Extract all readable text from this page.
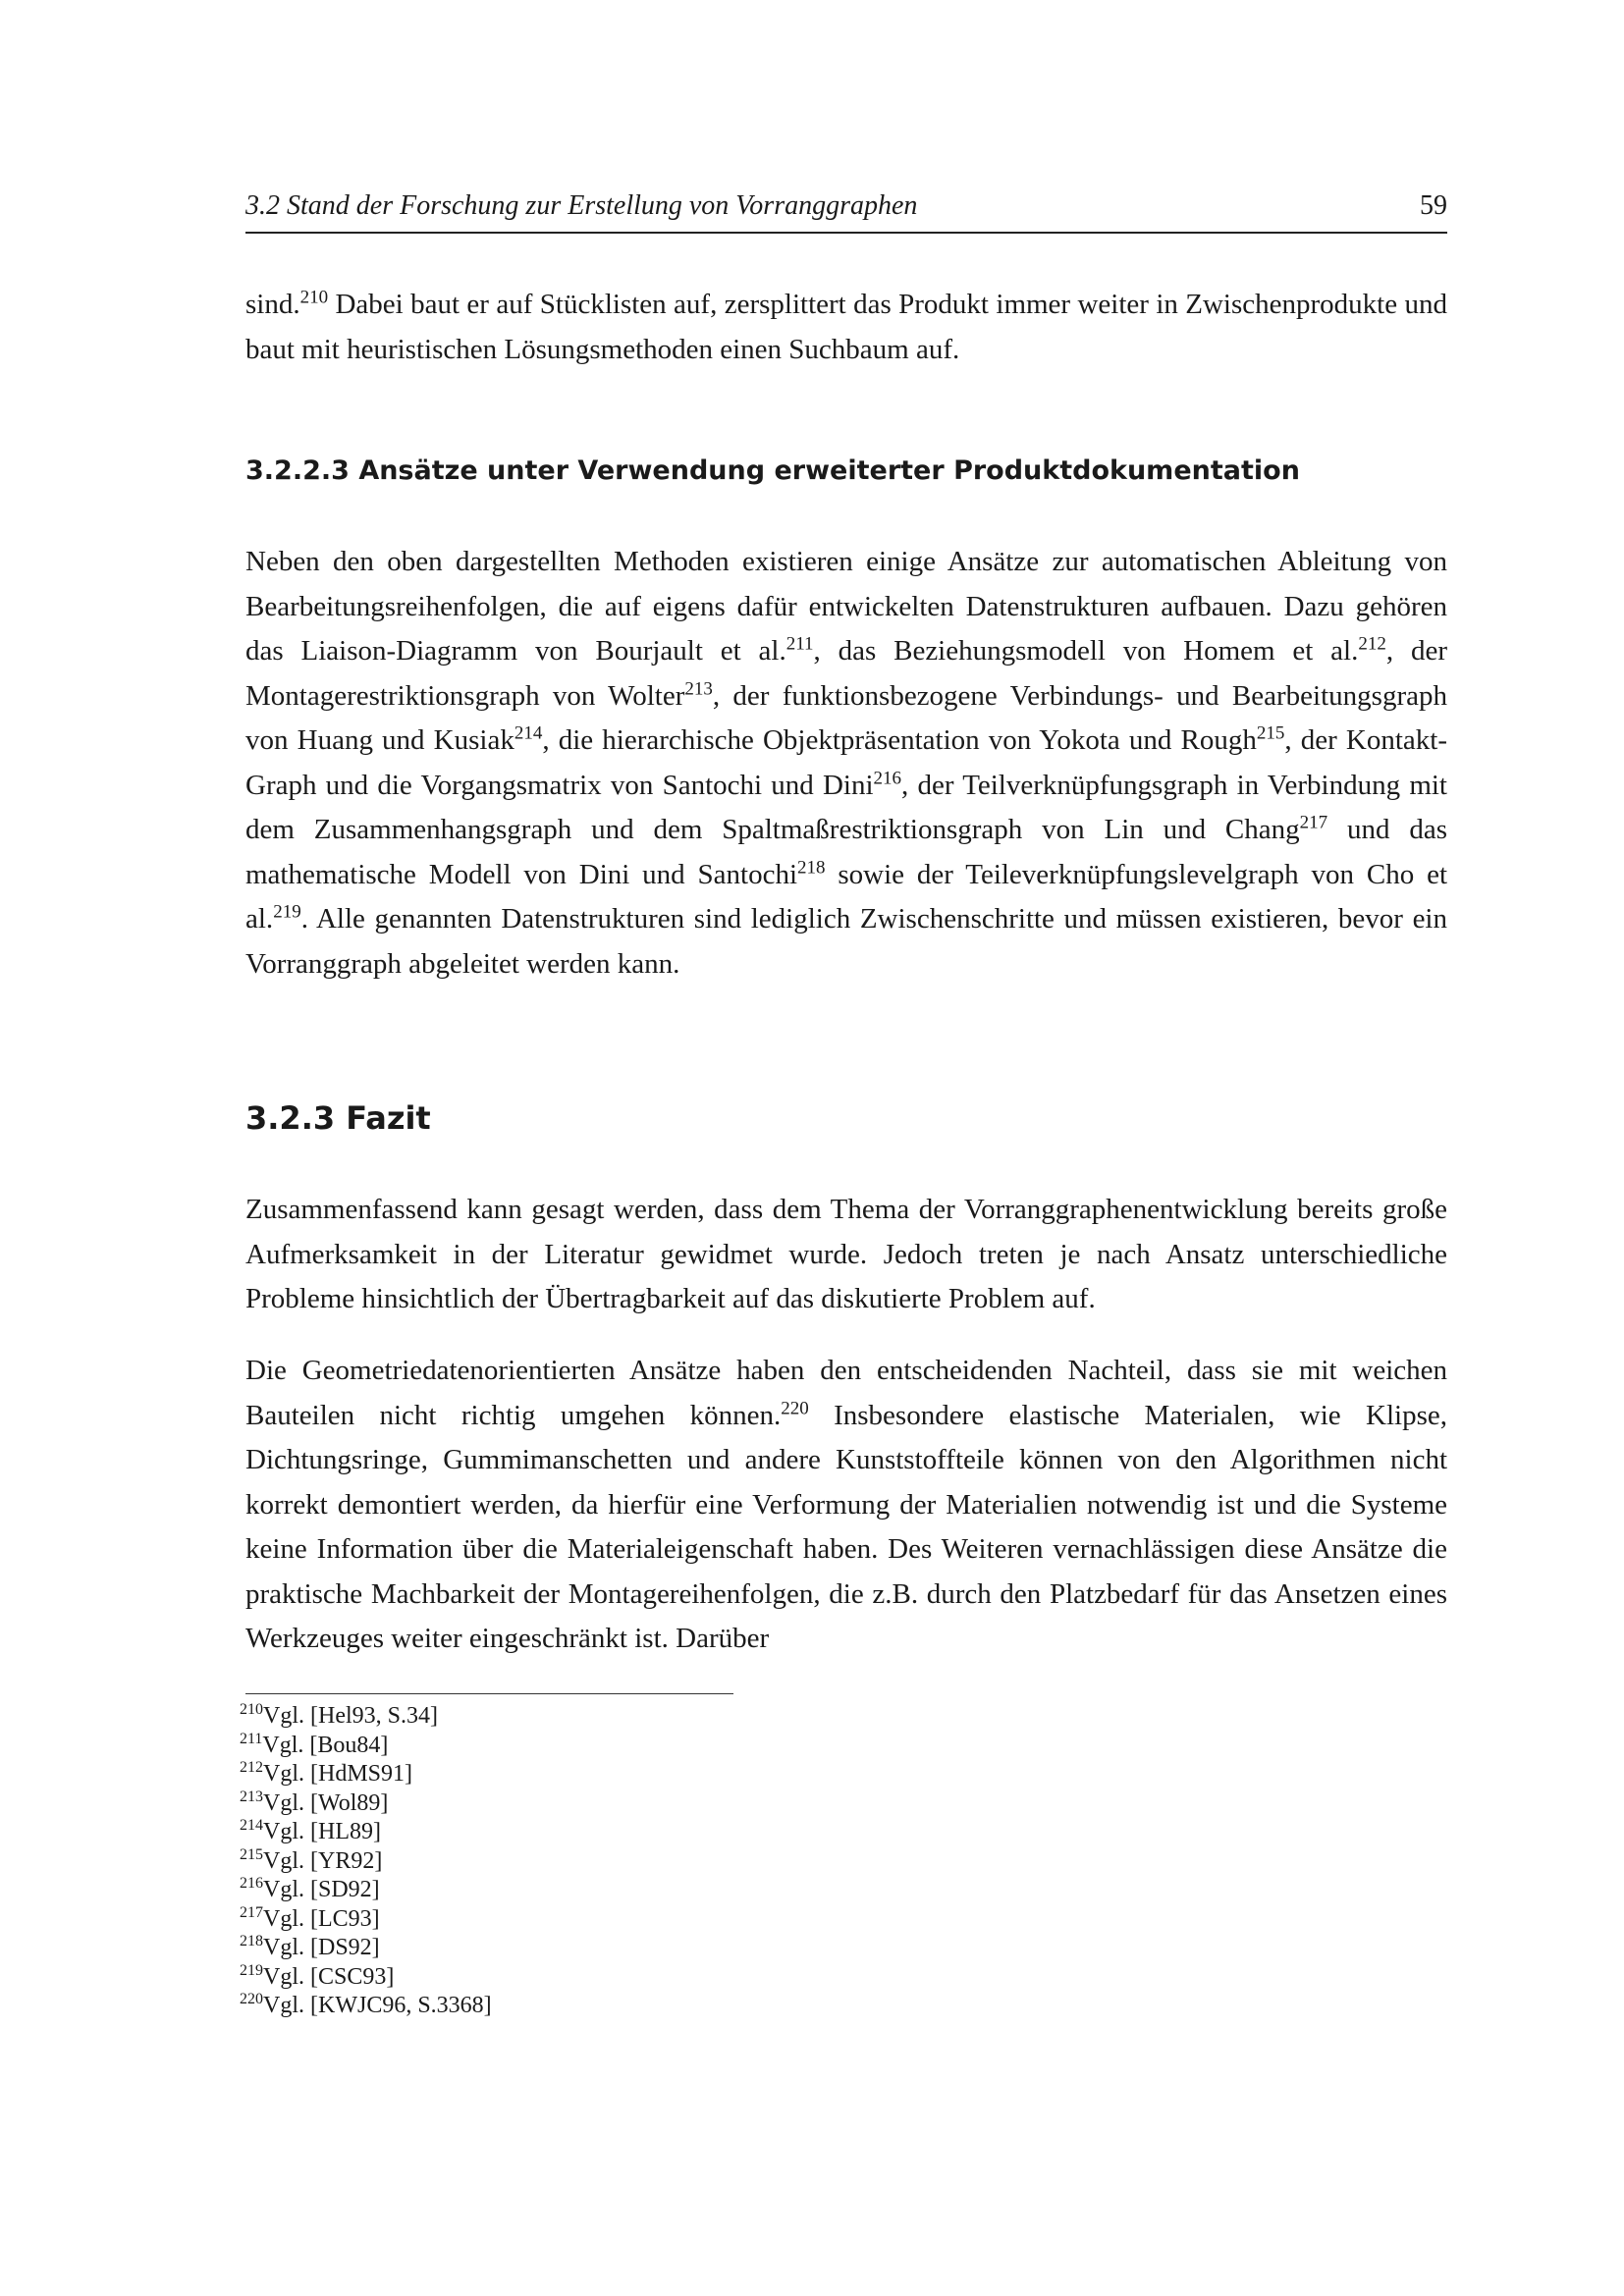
3.2 Stand der Forschung zur Erstellung von Vorranggraphen	59

sind.$^{210}$ Dabei baut er auf Stücklisten auf, zersplittert das Produkt immer weiter in Zwischenprodukte und baut mit heuristischen Lösungsmethoden einen Suchbaum auf.

3.2.2.3 Ansätze unter Verwendung erweiterter Produktdokumentation

Neben den oben dargestellten Methoden existieren einige Ansätze zur automatischen Ableitung von Bearbeitungsreihenfolgen, die auf eigens dafür entwickelten Datenstrukturen aufbauen. Dazu gehören das Liaison-Diagramm von Bourjault et al.$^{211}$, das Beziehungsmodell von Homem et al.$^{212}$, der Montagerestriktionsgraph von Wolter$^{213}$, der funktionsbezogene Verbindungs- und Bearbeitungsgraph von Huang und Kusiak$^{214}$, die hierarchische Objektpräsentation von Yokota und Rough$^{215}$, der Kontakt-Graph und die Vorgangsmatrix von Santochi und Dini$^{216}$, der Teilverknüpfungsgraph in Verbindung mit dem Zusammenhangsgraph und dem Spaltmaßrestriktionsgraph von Lin und Chang$^{217}$ und das mathematische Modell von Dini und Santochi$^{218}$ sowie der Teileverknüpfungslevelgraph von Cho et al.$^{219}$. Alle genannten Datenstrukturen sind lediglich Zwischenschritte und müssen existieren, bevor ein Vorranggraph abgeleitet werden kann.

3.2.3 Fazit

Zusammenfassend kann gesagt werden, dass dem Thema der Vorranggraphenentwicklung bereits große Aufmerksamkeit in der Literatur gewidmet wurde. Jedoch treten je nach Ansatz unterschiedliche Probleme hinsichtlich der Übertragbarkeit auf das diskutierte Problem auf.

Die Geometriedatenorientierten Ansätze haben den entscheidenden Nachteil, dass sie mit weichen Bauteilen nicht richtig umgehen können.$^{220}$ Insbesondere elastische Materialen, wie Klipse, Dichtungsringe, Gummimanschetten und andere Kunststoffteile können von den Algorithmen nicht korrekt demontiert werden, da hierfür eine Verformung der Materialien notwendig ist und die Systeme keine Information über die Materialeigenschaft haben. Des Weiteren vernachlässigen diese Ansätze die praktische Machbarkeit der Montagereihenfolgen, die z.B. durch den Platzbedarf für das Ansetzen eines Werkzeuges weiter eingeschränkt ist. Darüber

$^{210}$Vgl. [Hel93, S.34]
$^{211}$Vgl. [Bou84]
$^{212}$Vgl. [HdMS91]
$^{213}$Vgl. [Wol89]
$^{214}$Vgl. [HL89]
$^{215}$Vgl. [YR92]
$^{216}$Vgl. [SD92]
$^{217}$Vgl. [LC93]
$^{218}$Vgl. [DS92]
$^{219}$Vgl. [CSC93]
$^{220}$Vgl. [KWJC96, S.3368]
